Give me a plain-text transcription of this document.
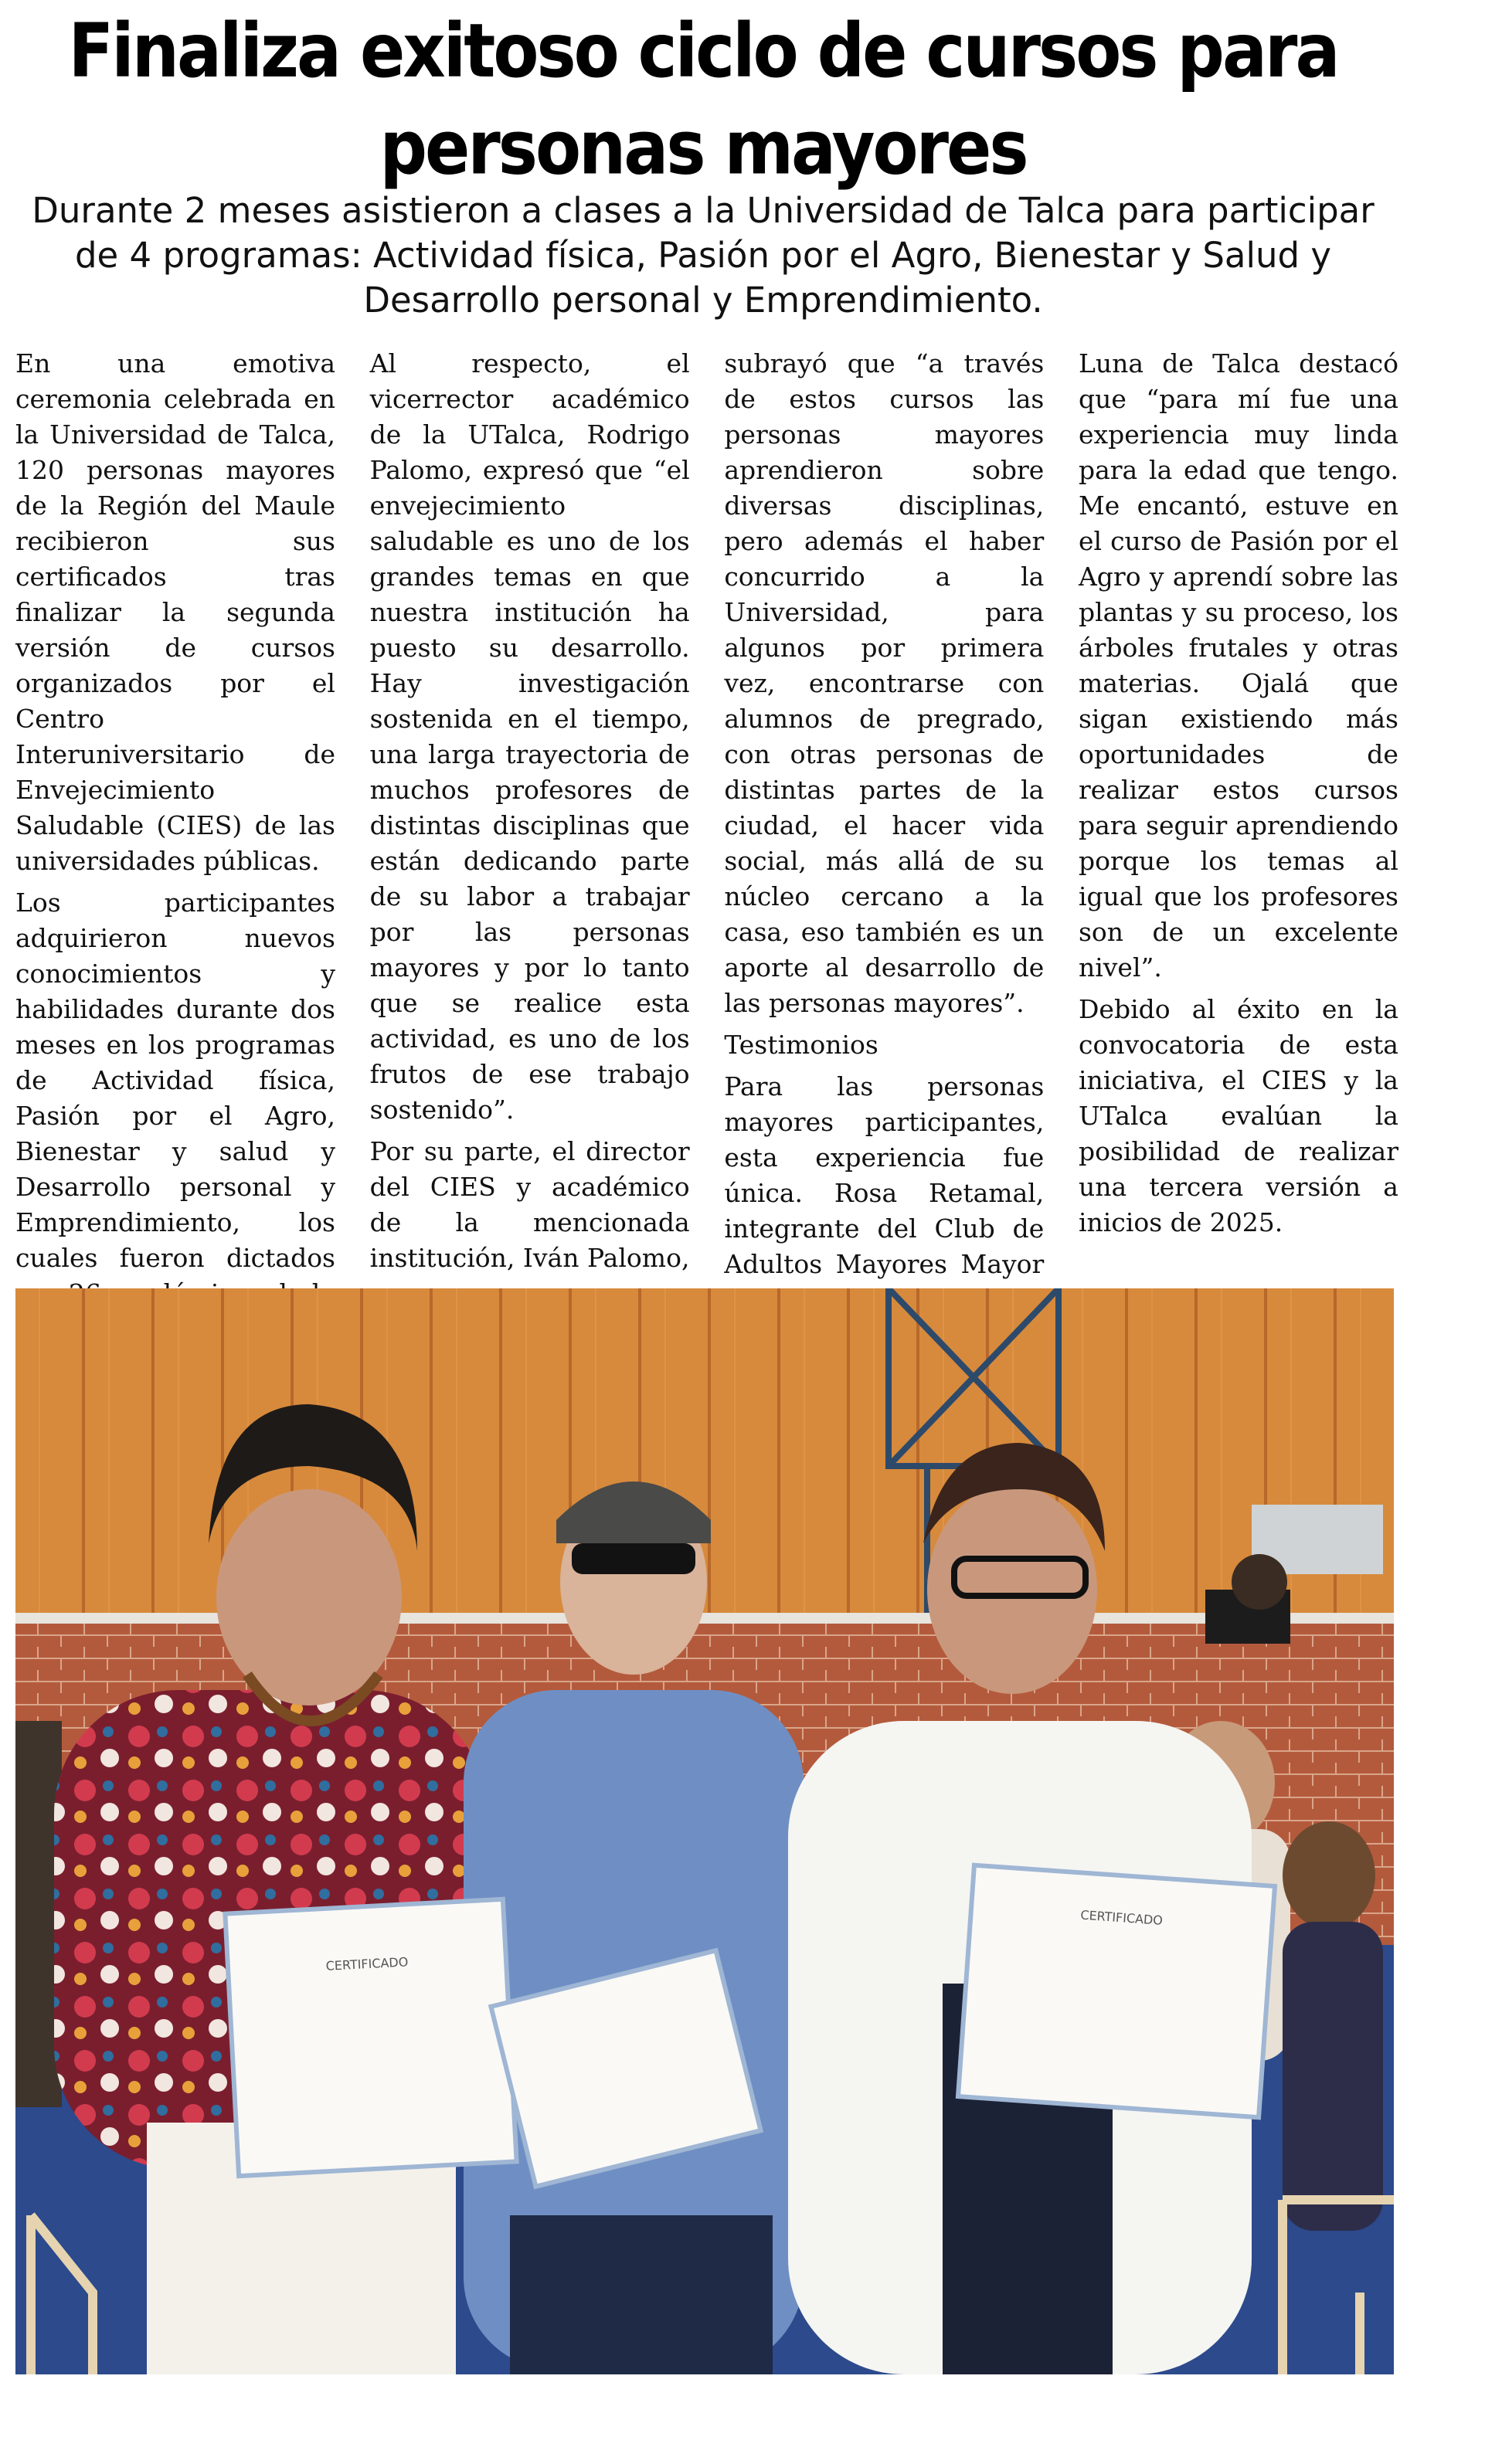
Finaliza exitoso ciclo de cursos para
personas mayores
Durante 2 meses asistieron a clases a la Universidad de Talca para participar de 4 programas: Actividad física, Pasión por el Agro, Bienestar y Salud y Desarrollo personal y Emprendimiento.

En una emotiva ceremonia celebrada en la Universidad de Talca, 120 personas mayores de la Región del Maule recibieron sus certificados tras finalizar la segunda versión de cursos organizados por el Centro Interuniversitario de Envejecimiento Saludable (CIES) de las universidades públicas.

Los participantes adquirieron nuevos conocimientos y habilidades durante dos meses en los programas de Actividad física, Pasión por el Agro, Bienestar y salud y Desarrollo personal y Emprendimiento, los cuales fueron dictados

Al respecto, el vicerrector académico de la UTalca, Rodrigo Palomo, expresó que “el envejecimiento saludable es uno de los grandes temas en que nuestra institución ha puesto su desarrollo. Hay investigación sostenida en el tiempo, una larga trayectoria de muchos profesores de distintas disciplinas que están dedicando parte de su labor a trabajar por las personas mayores y por lo tanto que se realice esta actividad, es uno de los frutos de ese trabajo sostenido”.

Por su parte, el director del CIES y académico de la mencionada institución, Iván Palomo,

subrayó que “a través de estos cursos las personas mayores aprendieron sobre diversas disciplinas, pero además el haber concurrido a la Universidad, para algunos por primera vez, encontrarse con alumnos de pregrado, con otras personas de distintas partes de la ciudad, el hacer vida social, más allá de su núcleo cercano a la casa, eso también es un aporte al desarrollo de las personas mayores”.

Testimonios

Para las personas mayores participantes, esta experiencia fue única. Rosa Retamal, integrante del Club de Adultos Mayores Mayor

Luna de Talca destacó que “para mí fue una experiencia muy linda para la edad que tengo. Me encantó, estuve en el curso de Pasión por el Agro y aprendí sobre las plantas y su proceso, los árboles frutales y otras materias. Ojalá que sigan existiendo más oportunidades de realizar estos cursos para seguir aprendiendo porque los temas al igual que los profesores son de un excelente nivel”.

Debido al éxito en la convocatoria de esta iniciativa, el CIES y la UTalca evalúan la posibilidad de realizar una tercera versión a inicios de 2025.

CERTIFICADO
CERTIFICADO
